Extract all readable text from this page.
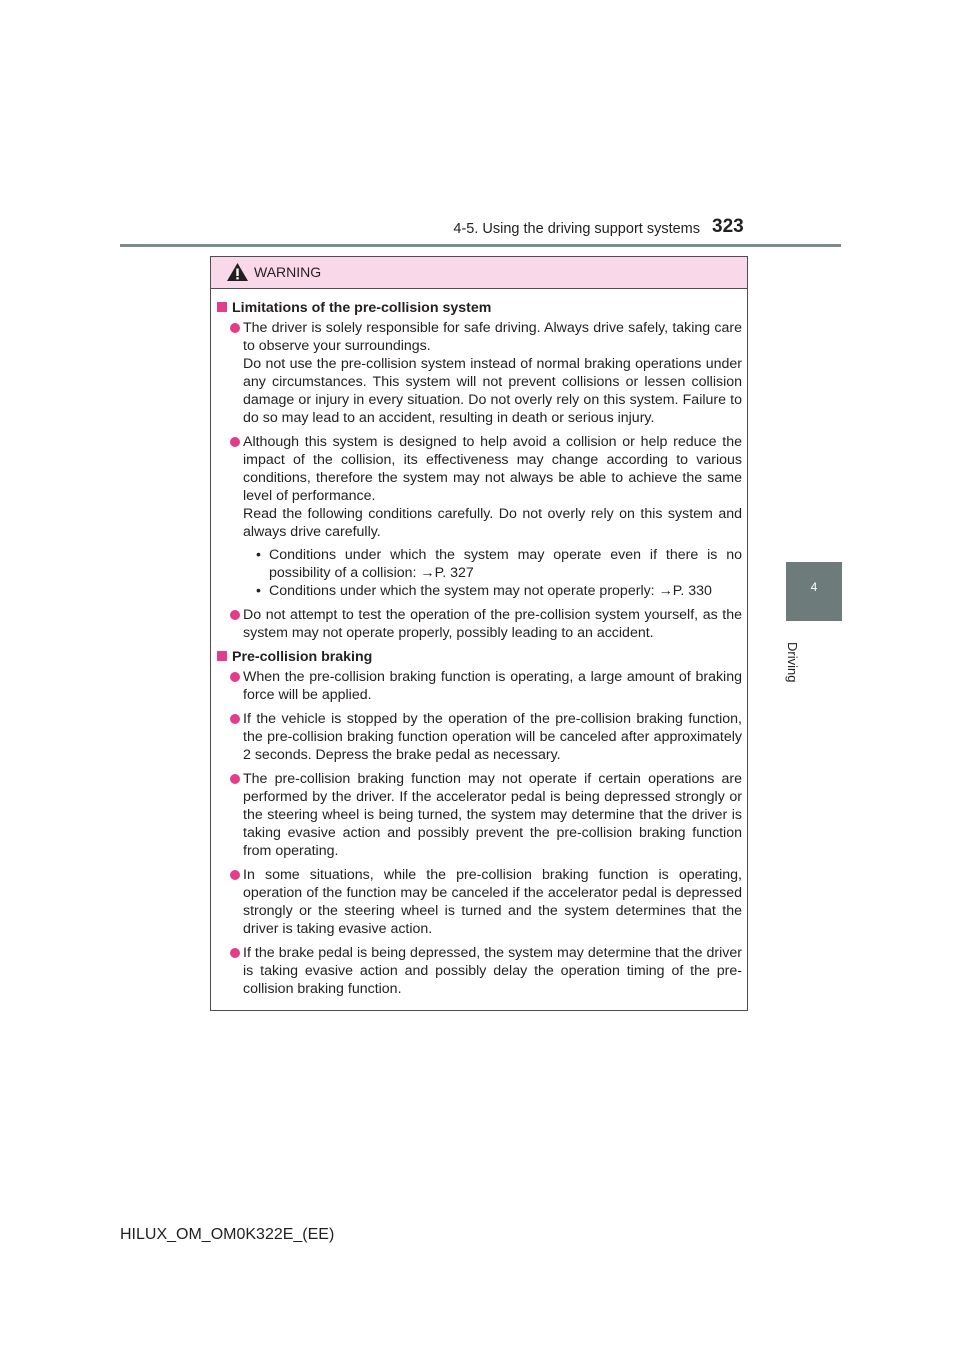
4-5. Using the driving support systems 323
4
Driving
WARNING
Limitations of the pre-collision system

The driver is solely responsible for safe driving. Always drive safely, taking care to observe your surroundings.

Do not use the pre-collision system instead of normal braking operations under any circumstances. This system will not prevent collisions or lessen collision damage or injury in every situation. Do not overly rely on this system. Failure to do so may lead to an accident, resulting in death or serious injury.

Although this system is designed to help avoid a collision or help reduce the impact of the collision, its effectiveness may change according to various conditions, therefore the system may not always be able to achieve the same level of performance.

Read the following conditions carefully. Do not overly rely on this system and always drive carefully.

• Conditions under which the system may operate even if there is no possibility of a collision: →P. 327
• Conditions under which the system may not operate properly: →P. 330

Do not attempt to test the operation of the pre-collision system yourself, as the system may not operate properly, possibly leading to an accident.

Pre-collision braking

When the pre-collision braking function is operating, a large amount of braking force will be applied.

If the vehicle is stopped by the operation of the pre-collision braking function, the pre-collision braking function operation will be canceled after approximately 2 seconds. Depress the brake pedal as necessary.

The pre-collision braking function may not operate if certain operations are performed by the driver. If the accelerator pedal is being depressed strongly or the steering wheel is being turned, the system may determine that the driver is taking evasive action and possibly prevent the pre-collision braking function from operating.

In some situations, while the pre-collision braking function is operating, operation of the function may be canceled if the accelerator pedal is depressed strongly or the steering wheel is turned and the system determines that the driver is taking evasive action.

If the brake pedal is being depressed, the system may determine that the driver is taking evasive action and possibly delay the operation timing of the pre-collision braking function.

HILUX_OM_OM0K322E_(EE)
